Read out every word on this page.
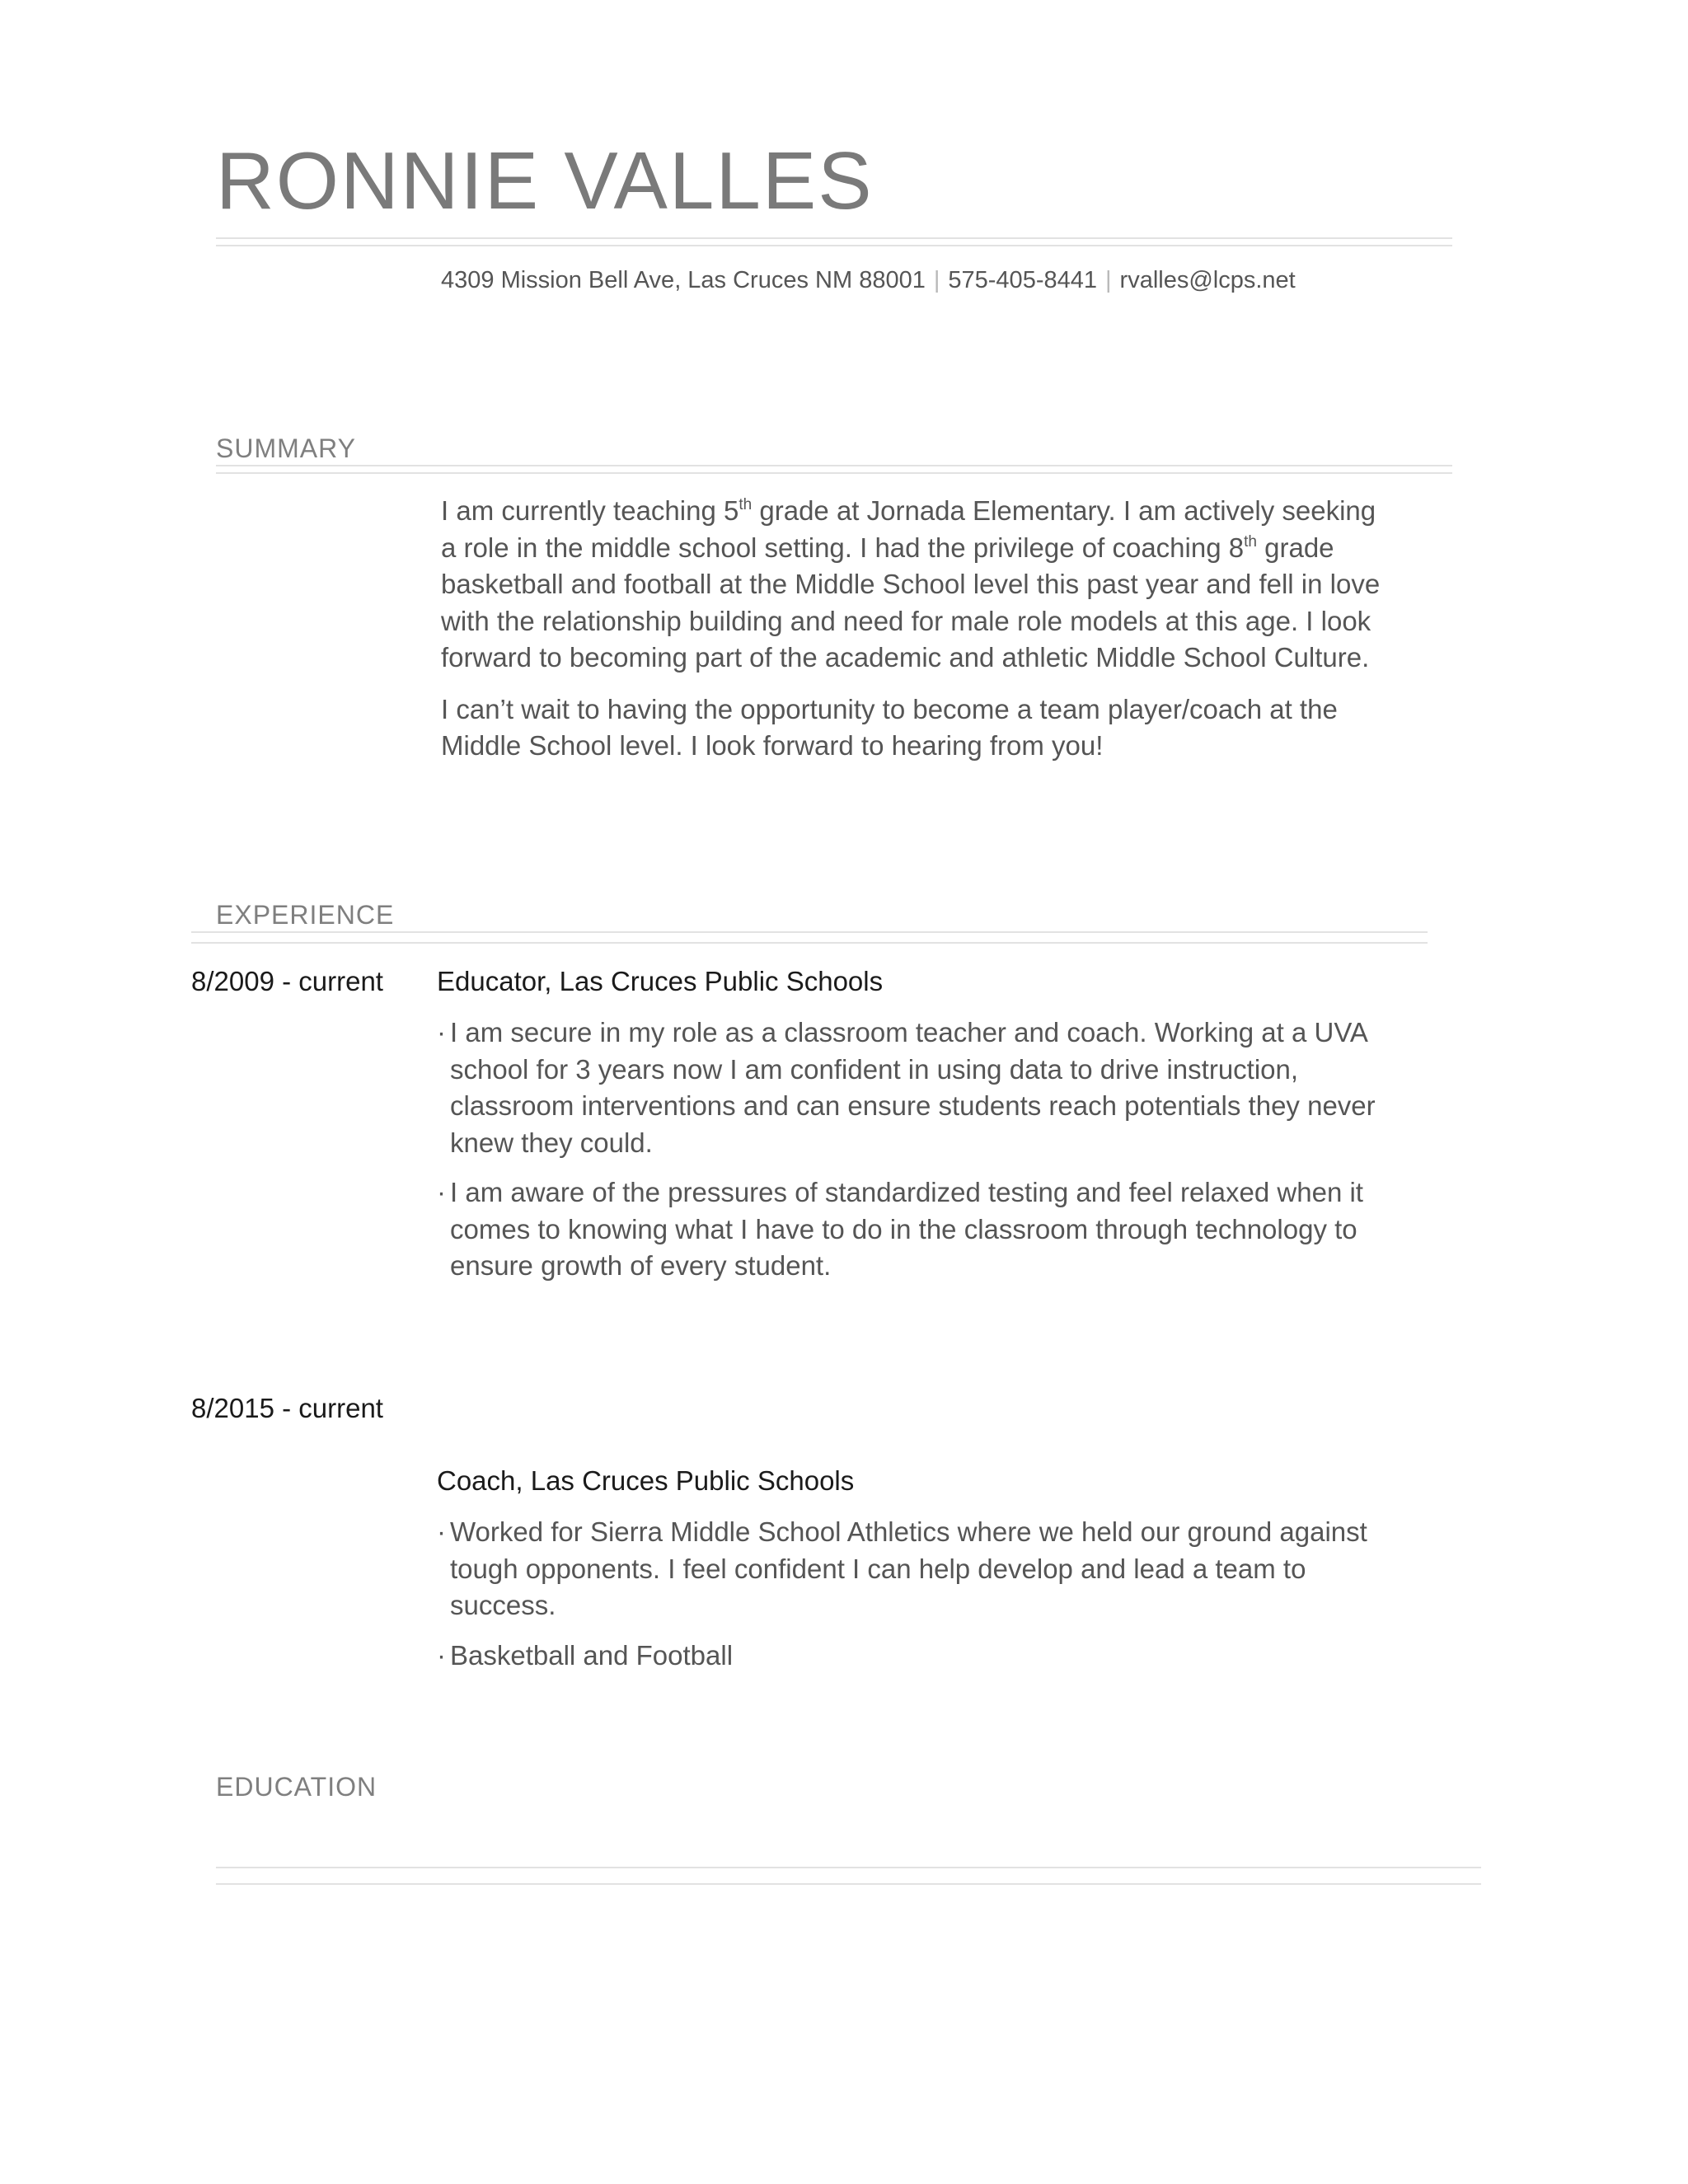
RONNIE VALLES
4309 Mission Bell Ave, Las Cruces NM 88001 | 575-405-8441 | rvalles@lcps.net
SUMMARY

I am currently teaching 5th grade at Jornada Elementary. I am actively seeking a role in the middle school setting. I had the privilege of coaching 8th grade basketball and football at the Middle School level this past year and fell in love with the relationship building and need for male role models at this age. I look forward to becoming part of the academic and athletic Middle School Culture.

I can’t wait to having the opportunity to become a team player/coach at the Middle School level. I look forward to hearing from you!

EXPERIENCE
8/2009 - current Educator, Las Cruces Public Schools
· I am secure in my role as a classroom teacher and coach. Working at a UVA school for 3 years now I am confident in using data to drive instruction, classroom interventions and can ensure students reach potentials they never knew they could.
· I am aware of the pressures of standardized testing and feel relaxed when it comes to knowing what I have to do in the classroom through technology to ensure growth of every student.
8/2015 - current
Coach, Las Cruces Public Schools
· Worked for Sierra Middle School Athletics where we held our ground against tough opponents. I feel confident I can help develop and lead a team to success.
· Basketball and Football
EDUCATION
